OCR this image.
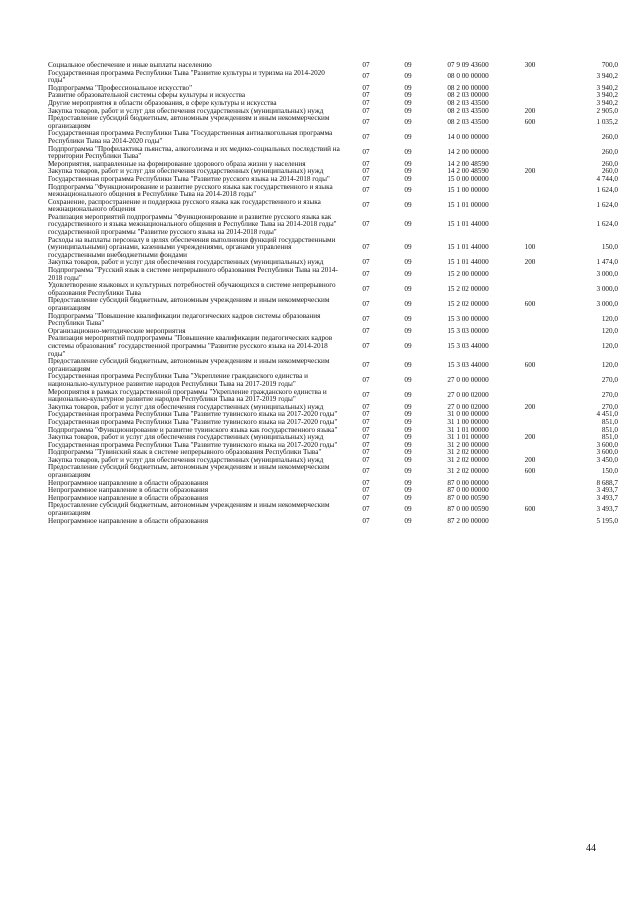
Социальное обеспечение и иные выплаты населению	07	09	07 9 09 43600	300	700,0
Государственная программа Республики Тыва "Развитие культуры и туризма на 2014-2020 годы"	07	09	08 0 00 00000		3 940,2
Подпрограмма "Профессиональное искусство"	07	09	08 2 00 00000		3 940,2
Развитие образовательной системы сферы культуры и искусства	07	09	08 2 03 00000		3 940,2
Другие мероприятия в области образования, в сфере культуры и искусства	07	09	08 2 03 43500		3 940,2
Закупка товаров, работ и услуг для обеспечения государственных (муниципальных) нужд	07	09	08 2 03 43500	200	2 905,0
Предоставление субсидий бюджетным, автономным учреждениям и иным некоммерческим организациям	07	09	08 2 03 43500	600	1 035,2
Государственная программа Республики Тыва "Государственная антиалкогольная программа Республики Тыва на 2014-2020 годы"	07	09	14 0 00 00000		260,0
Подпрограмма "Профилактика пьянства, алкоголизма и их медико-социальных последствий на территории Республики Тыва"	07	09	14 2 00 00000		260,0
Мероприятия, направленные на формирование здорового образа жизни у населения	07	09	14 2 00 48590		260,0
Закупка товаров, работ и услуг для обеспечения государственных (муниципальных) нужд	07	09	14 2 00 48590	200	260,0
Государственная программа Республики Тыва "Развитие русского языка на 2014-2018 годы"	07	09	15 0 00 00000		4 744,0
Подпрограмма "Функционирование и развитие русского языка как государственного и языка межнационального общения в Республике Тыва на 2014-2018 годы"	07	09	15 1 00 00000		1 624,0
Сохранение, распространение и поддержка русского языка как государственного и языка межнационального общения	07	09	15 1 01 00000		1 624,0
Реализация мероприятий подпрограммы "Функционирование и развитие русского языка как государственного и языка межнационального общения в Республике Тыва на 2014-2018 годы" государственной программы "Развитие русского языка на 2014-2018 годы"	07	09	15 1 01 44000		1 624,0
Расходы на выплаты персоналу в целях обеспечения выполнения функций государственными (муниципальными) органами, казенными учреждениями, органами управления государственными внебюджетными фондами	07	09	15 1 01 44000	100	150,0
Закупка товаров, работ и услуг для обеспечения государственных (муниципальных) нужд	07	09	15 1 01 44000	200	1 474,0
Подпрограмма "Русский язык в системе непрерывного образования Республики Тыва на 2014-2018 годы"	07	09	15 2 00 00000		3 000,0
Удовлетворение языковых и культурных потребностей обучающихся в системе непрерывного образования Республики Тыва	07	09	15 2 02 00000		3 000,0
Предоставление субсидий бюджетным, автономным учреждениям и иным некоммерческим организациям	07	09	15 2 02 00000	600	3 000,0
Подпрограмма "Повышение квалификации педагогических кадров системы образования Республики Тыва"	07	09	15 3 00 00000		120,0
Организационно-методические мероприятия	07	09	15 3 03 00000		120,0
Реализация мероприятий подпрограммы "Повышение квалификации педагогических кадров системы образования" государственной программы "Развитие русского языка на 2014-2018 годы"	07	09	15 3 03 44000		120,0
Предоставление субсидий бюджетным, автономным учреждениям и иным некоммерческим организациям	07	09	15 3 03 44000	600	120,0
Государственная программа Республики Тыва "Укрепление гражданского единства и национально-культурное развитие народов Республики Тыва на 2017-2019 годы"	07	09	27 0 00 00000		270,0
Мероприятия в рамках государственной программы "Укрепление гражданского единства и национально-культурное развитие народов Республики Тыва на 2017-2019 годы"	07	09	27 0 00 02000		270,0
Закупка товаров, работ и услуг для обеспечения государственных (муниципальных) нужд	07	09	27 0 00 02000	200	270,0
Государственная программа Республики Тыва "Развитие тувинского языка на 2017-2020 годы"	07	09	31 0 00 00000		4 451,0
Государственная программа Республики Тыва "Развитие тувинского языка на 2017-2020 годы"	07	09	31 1 00 00000		851,0
Подпрограмма "Функционирование и развитие тувинского языка как государственного языка"	07	09	31 1 01 00000		851,0
Закупка товаров, работ и услуг для обеспечения государственных (муниципальных) нужд	07	09	31 1 01 00000	200	851,0
Государственная программа Республики Тыва "Развитие тувинского языка на 2017-2020 годы"	07	09	31 2 00 00000		3 600,0
Подпрограмма "Тувинский язык в системе непрерывного образования Республики Тыва"	07	09	31 2 02 00000		3 600,0
Закупка товаров, работ и услуг для обеспечения государственных (муниципальных) нужд	07	09	31 2 02 00000	200	3 450,0
Предоставление субсидий бюджетным, автономным учреждениям и иным некоммерческим организациям	07	09	31 2 02 00000	600	150,0
Непрограммное направление в области образования	07	09	87 0 00 00000		8 688,7
Непрограммное направление в области образования	07	09	87 0 00 00000		3 493,7
Непрограммное направление в области образования	07	09	87 0 00 00590		3 493,7
Предоставление субсидий бюджетным, автономным учреждениям и иным некоммерческим организациям	07	09	87 0 00 00590	600	3 493,7
Непрограммное направление в области образования	07	09	87 2 00 00000		5 195,0
44
